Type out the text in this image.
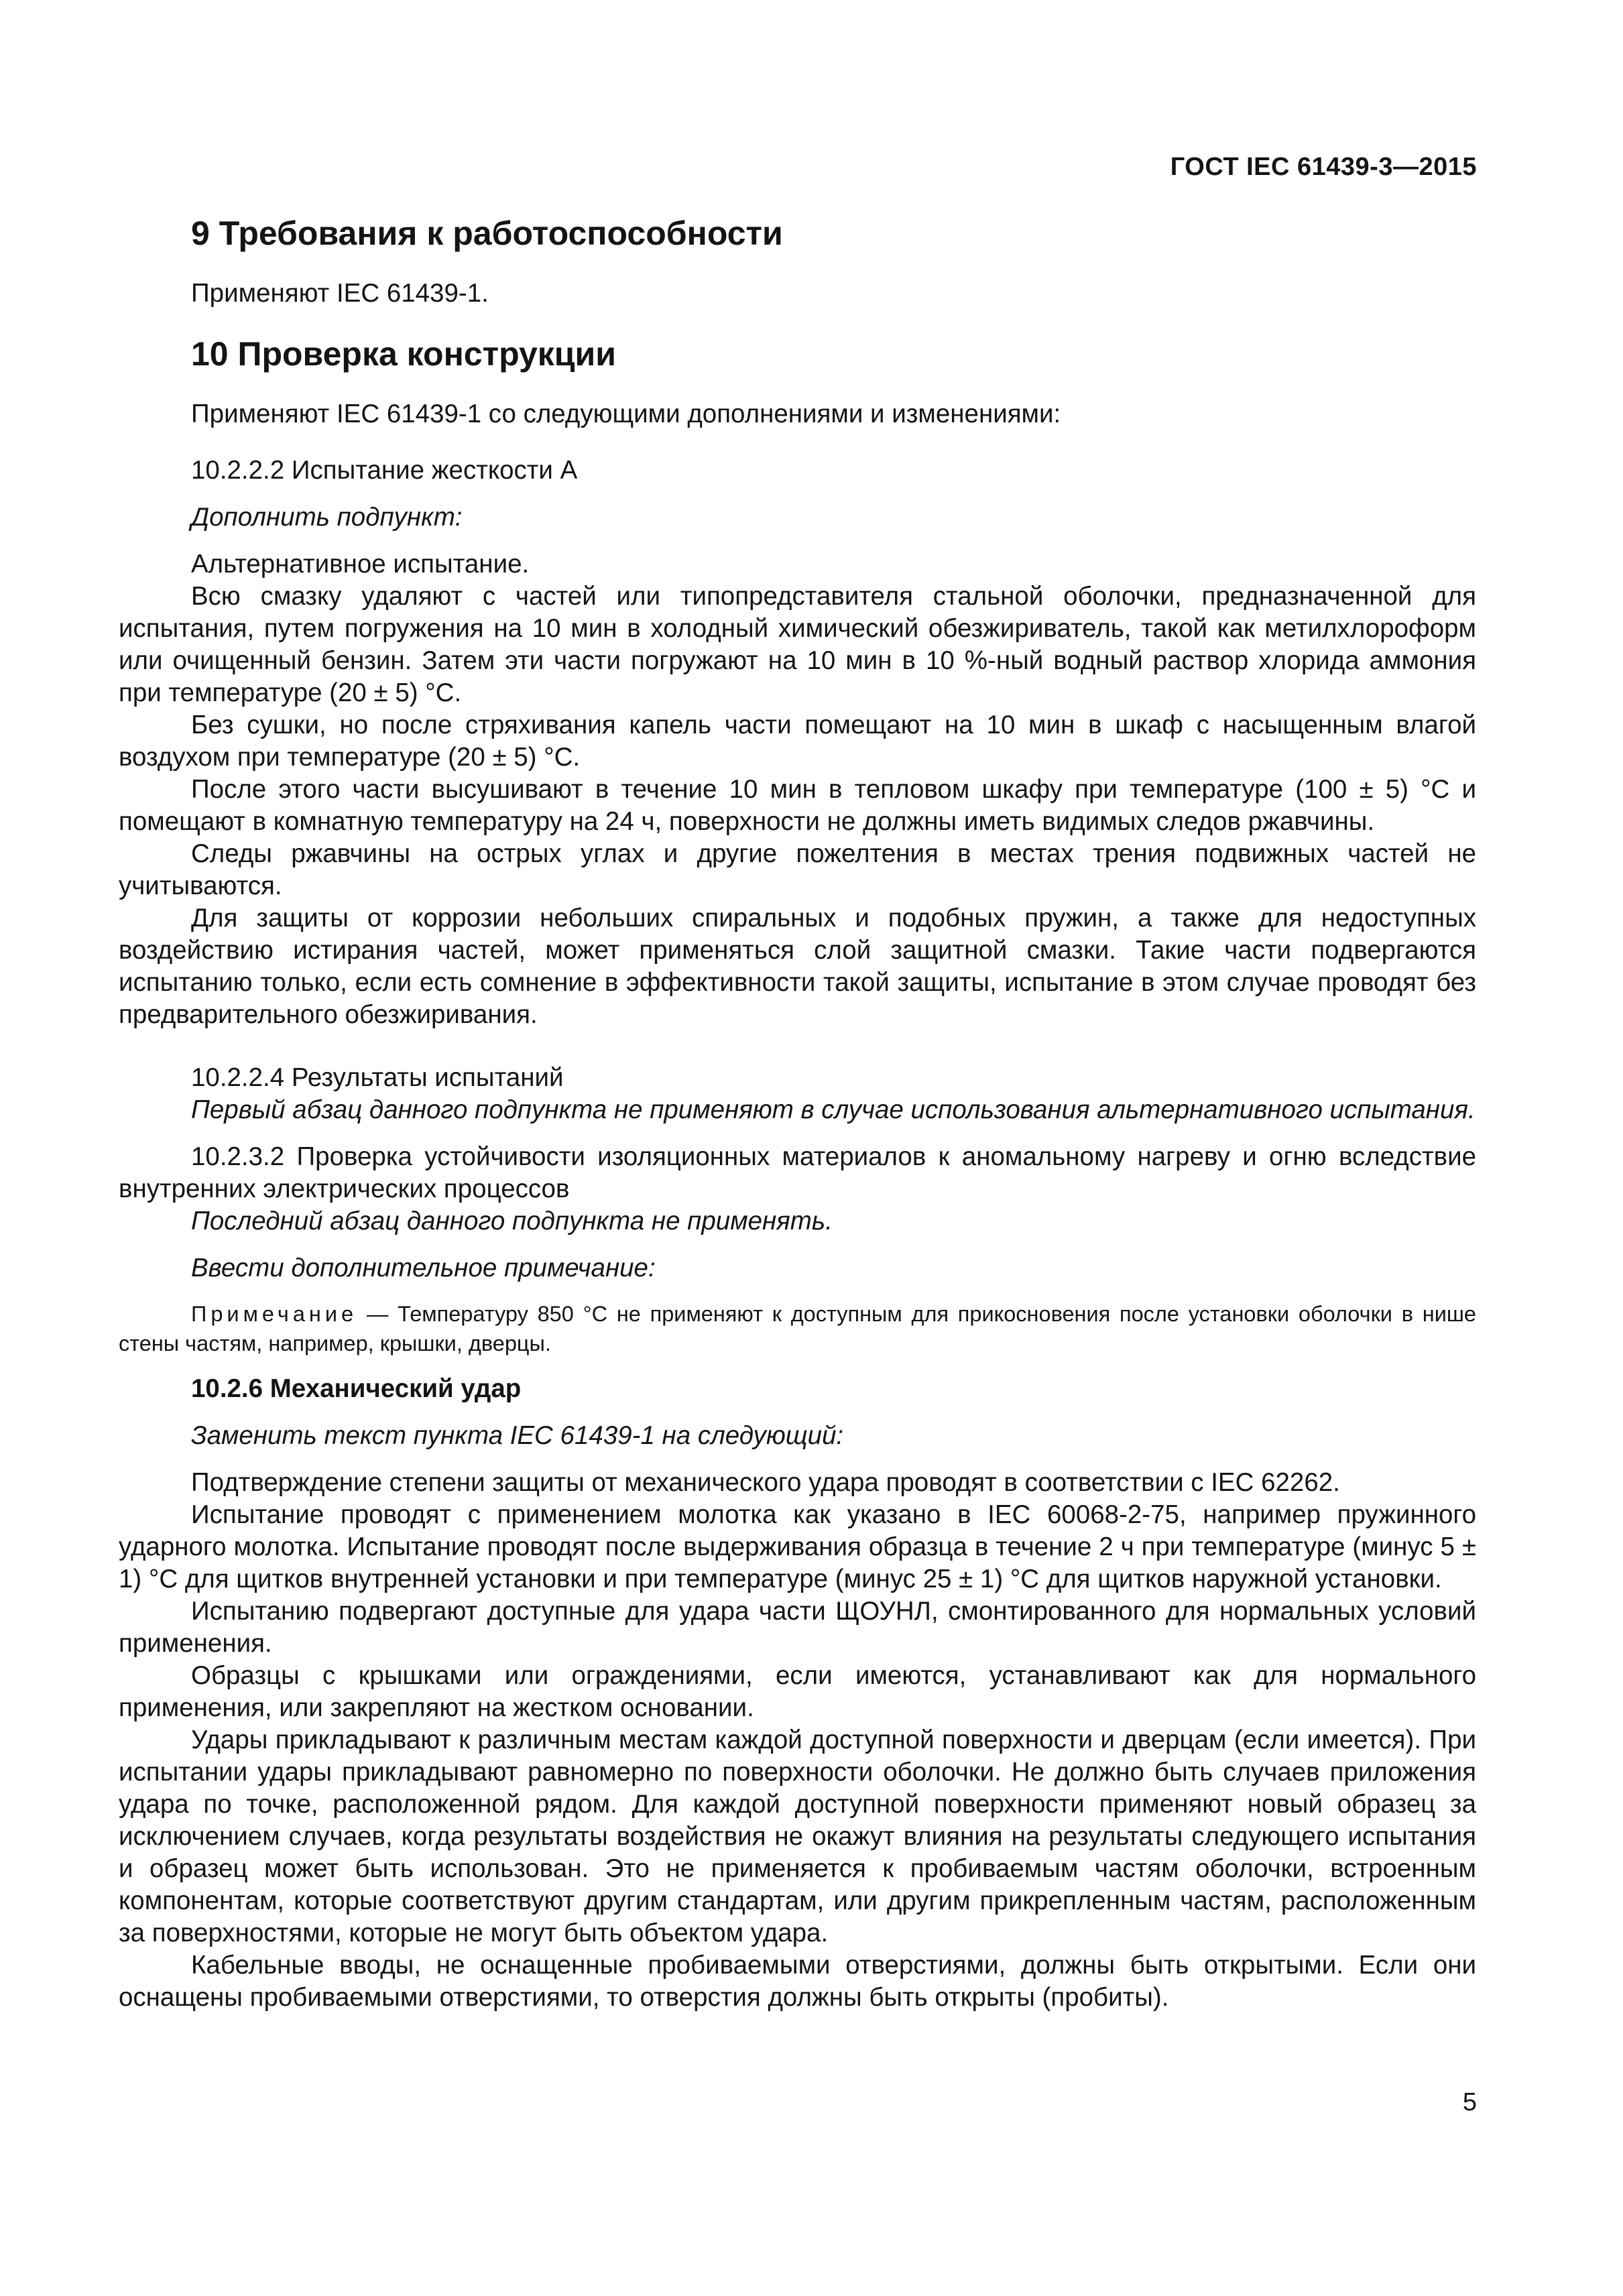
ГОСТ IEC 61439-3—2015
9 Требования к работоспособности

Применяют IEC 61439-1.

10 Проверка конструкции

Применяют IEC 61439-1 со следующими дополнениями и изменениями:

10.2.2.2 Испытание жесткости А

Дополнить подпункт:

Альтернативное испытание.

Всю смазку удаляют с частей или типопредставителя стальной оболочки, предназначенной для испытания, путем погружения на 10 мин в холодный химический обезжириватель, такой как метилхлороформ или очищенный бензин. Затем эти части погружают на 10 мин в 10 %-ный водный раствор хлорида аммония при температуре (20 ± 5) °С.

Без сушки, но после стряхивания капель части помещают на 10 мин в шкаф с насыщенным влагой воздухом при температуре (20 ± 5) °С.

После этого части высушивают в течение 10 мин в тепловом шкафу при температуре (100 ± 5) °С и помещают в комнатную температуру на 24 ч, поверхности не должны иметь видимых следов ржавчины.

Следы ржавчины на острых углах и другие пожелтения в местах трения подвижных частей не учитываются.

Для защиты от коррозии небольших спиральных и подобных пружин, а также для недоступных воздействию истирания частей, может применяться слой защитной смазки. Такие части подвергаются испытанию только, если есть сомнение в эффективности такой защиты, испытание в этом случае проводят без предварительного обезжиривания.

10.2.2.4 Результаты испытаний

Первый абзац данного подпункта не применяют в случае использования альтернативного испытания.

10.2.3.2 Проверка устойчивости изоляционных материалов к аномальному нагреву и огню вследствие внутренних электрических процессов

Последний абзац данного подпункта не применять.

Ввести дополнительное примечание:

Примечание — Температуру 850 °С не применяют к доступным для прикосновения после установки оболочки в нише стены частям, например, крышки, дверцы.

10.2.6 Механический удар

Заменить текст пункта IEC 61439-1 на следующий:

Подтверждение степени защиты от механического удара проводят в соответствии с IEC 62262.

Испытание проводят с применением молотка как указано в IEC 60068-2-75, например пружинного ударного молотка. Испытание проводят после выдерживания образца в течение 2 ч при температуре (минус 5 ± 1) °С для щитков внутренней установки и при температуре (минус 25 ± 1) °С для щитков наружной установки.

Испытанию подвергают доступные для удара части ЩОУНЛ, смонтированного для нормальных условий применения.

Образцы с крышками или ограждениями, если имеются, устанавливают как для нормального применения, или закрепляют на жестком основании.

Удары прикладывают к различным местам каждой доступной поверхности и дверцам (если имеется). При испытании удары прикладывают равномерно по поверхности оболочки. Не должно быть случаев приложения удара по точке, расположенной рядом. Для каждой доступной поверхности применяют новый образец за исключением случаев, когда результаты воздействия не окажут влияния на результаты следующего испытания и образец может быть использован. Это не применяется к пробиваемым частям оболочки, встроенным компонентам, которые соответствуют другим стандартам, или другим прикрепленным частям, расположенным за поверхностями, которые не могут быть объектом удара.

Кабельные вводы, не оснащенные пробиваемыми отверстиями, должны быть открытыми. Если они оснащены пробиваемыми отверстиями, то отверстия должны быть открыты (пробиты).

5
